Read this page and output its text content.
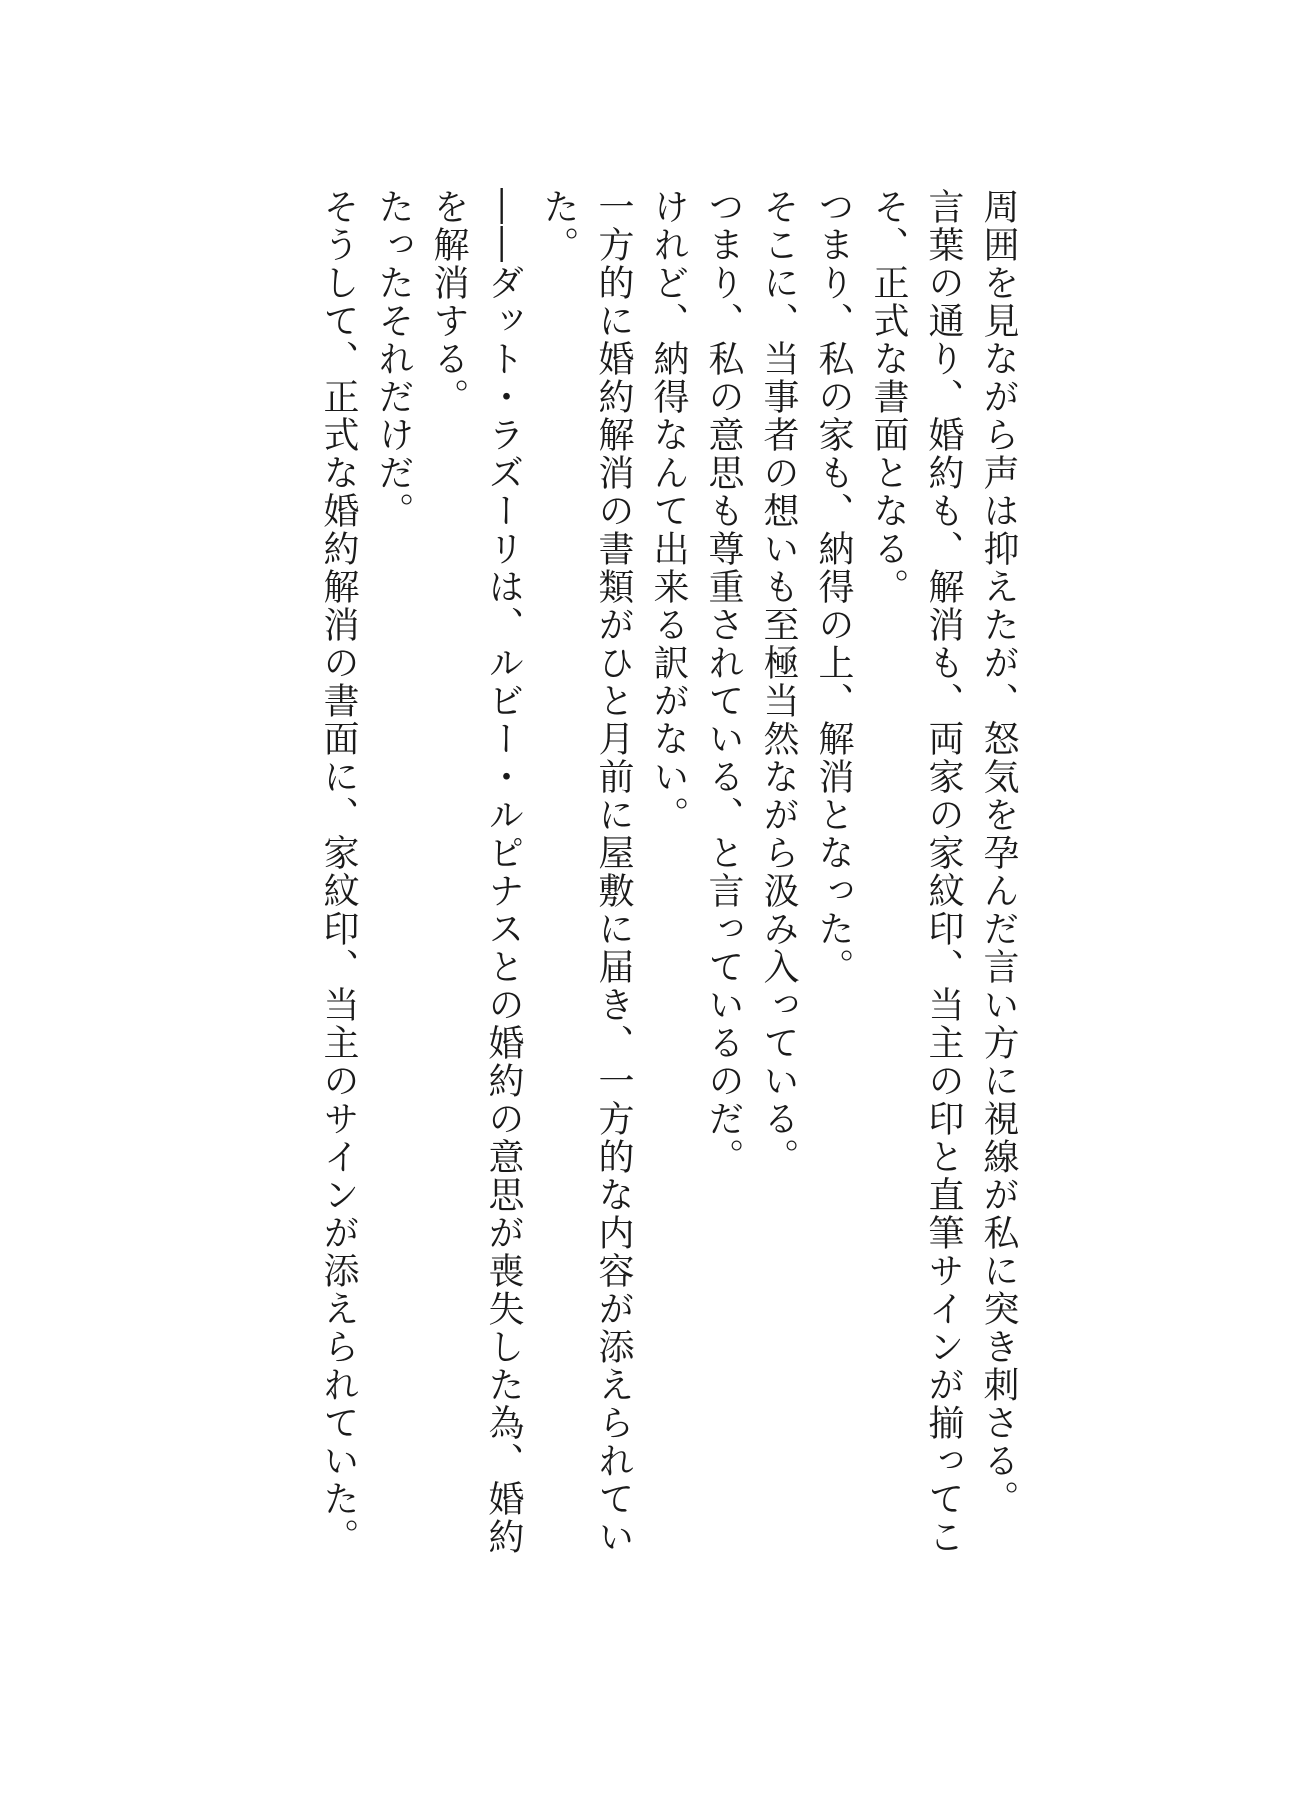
周囲を見ながら声は抑えたが、怒気を孕んだ言い方に視線が私に突き刺さる。

言葉の通り、婚約も、解消も、両家の家紋印、当主の印と直筆サインが揃ってこそ、正式な書面となる。

つまり、私の家も、納得の上、解消となった。

そこに、当事者の想いも至極当然ながら汲み入っている。

つまり、私の意思も尊重されている、と言っているのだ。

けれど、納得なんて出来る訳がない。

一方的に婚約解消の書類がひと月前に屋敷に届き、一方的な内容が添えられていた。

――ダット・ラズーリは、ルビー・ルピナスとの婚約の意思が喪失した為、婚約を解消する。

たったそれだけだ。

そうして、正式な婚約解消の書面に、家紋印、当主のサインが添えられていた。
